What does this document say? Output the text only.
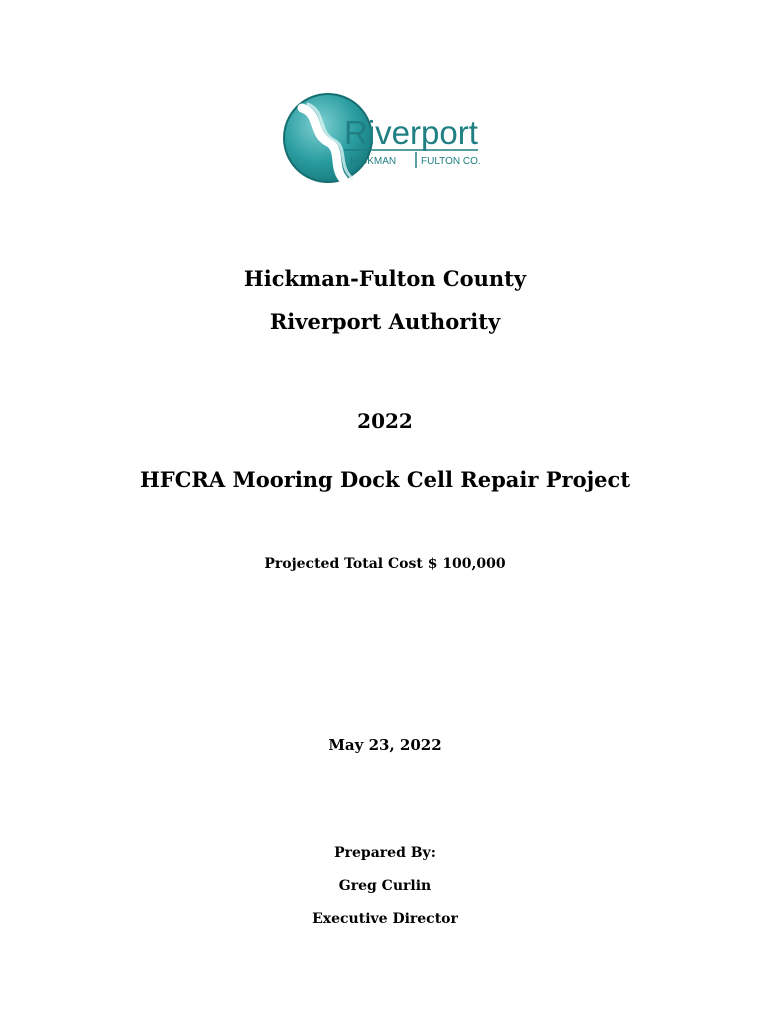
Riverport
HICKMAN FULTON CO.
Hickman-Fulton County
Riverport Authority
2022
HFCRA Mooring Dock Cell Repair Project
Projected Total Cost $ 100,000
May 23, 2022
Prepared By:
Greg Curlin
Executive Director
